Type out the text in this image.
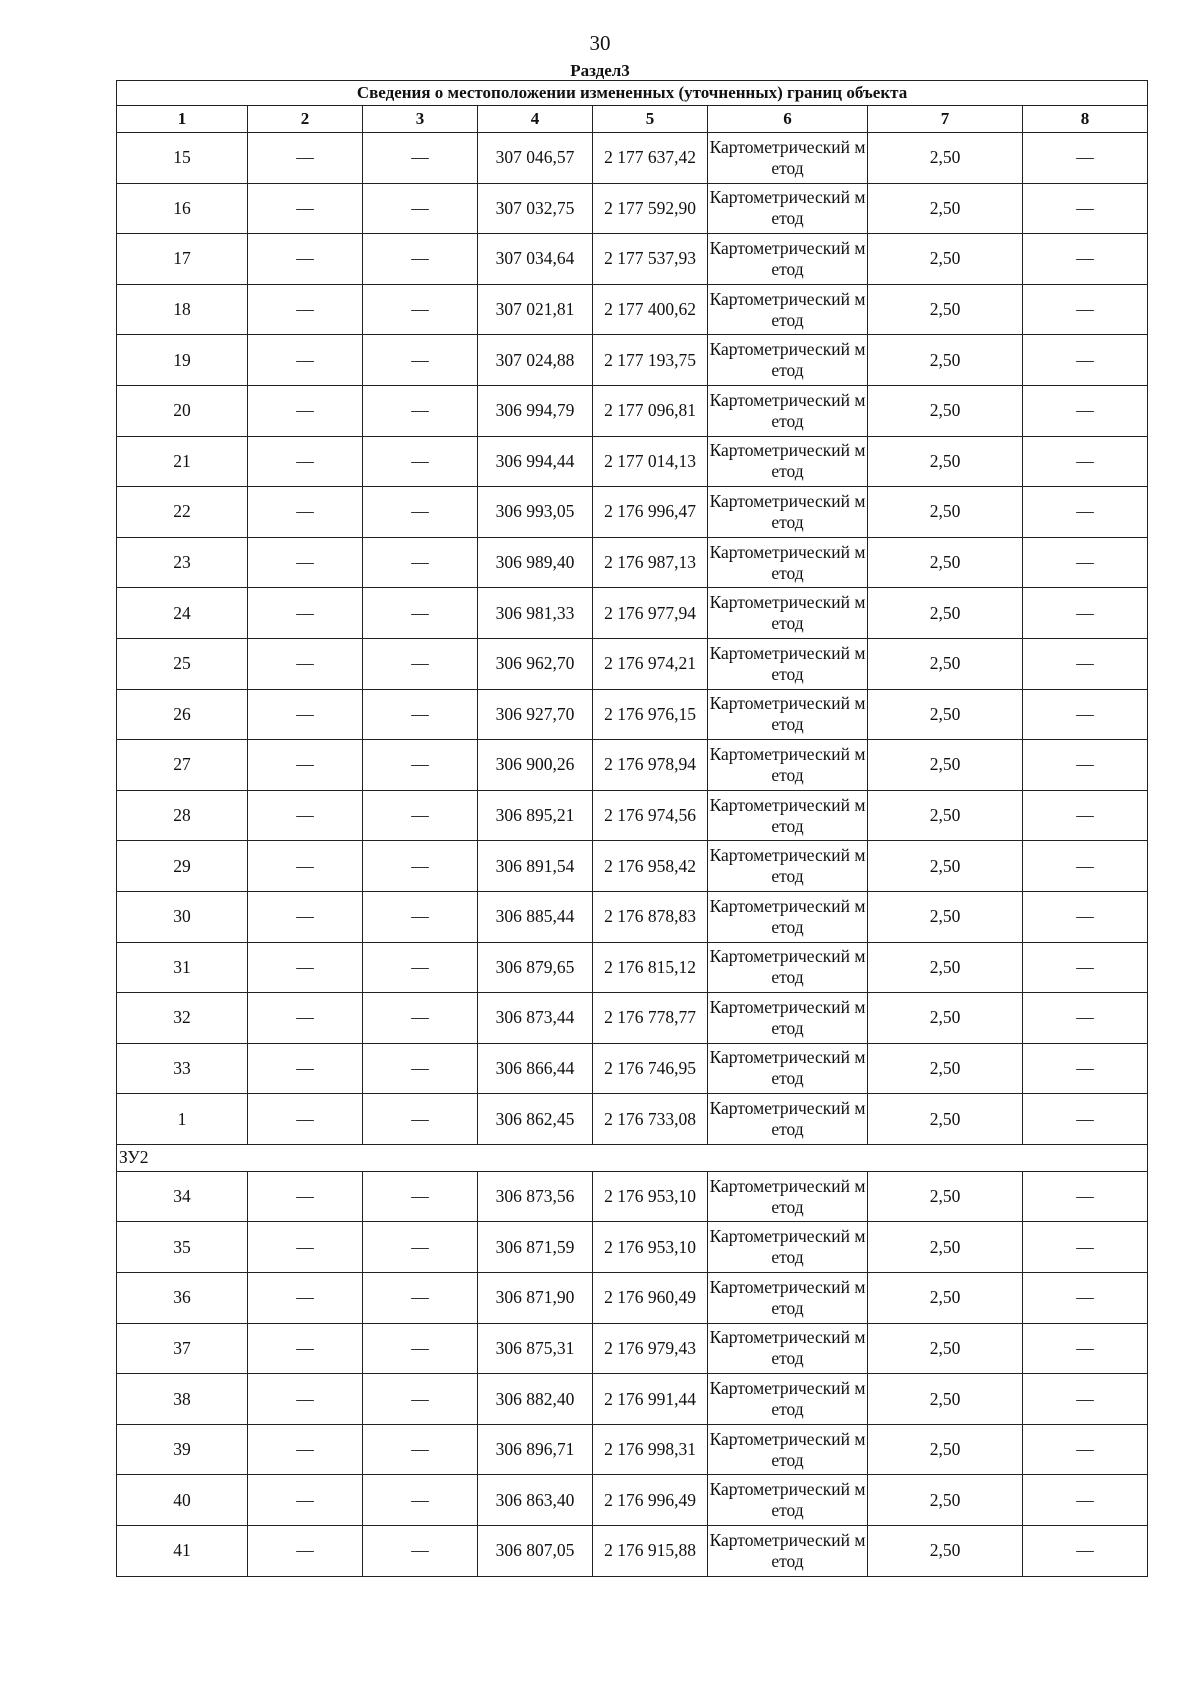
30
Раздел3
Сведения о местоположении измененных (уточненных) границ объекта							
1	2	3	4	5	6	7	8
15	—	—	307 046,57	2 177 637,42	Картометрический метод	2,50	—
16	—	—	307 032,75	2 177 592,90	Картометрический метод	2,50	—
17	—	—	307 034,64	2 177 537,93	Картометрический метод	2,50	—
18	—	—	307 021,81	2 177 400,62	Картометрический метод	2,50	—
19	—	—	307 024,88	2 177 193,75	Картометрический метод	2,50	—
20	—	—	306 994,79	2 177 096,81	Картометрический метод	2,50	—
21	—	—	306 994,44	2 177 014,13	Картометрический метод	2,50	—
22	—	—	306 993,05	2 176 996,47	Картометрический метод	2,50	—
23	—	—	306 989,40	2 176 987,13	Картометрический метод	2,50	—
24	—	—	306 981,33	2 176 977,94	Картометрический метод	2,50	—
25	—	—	306 962,70	2 176 974,21	Картометрический метод	2,50	—
26	—	—	306 927,70	2 176 976,15	Картометрический метод	2,50	—
27	—	—	306 900,26	2 176 978,94	Картометрический метод	2,50	—
28	—	—	306 895,21	2 176 974,56	Картометрический метод	2,50	—
29	—	—	306 891,54	2 176 958,42	Картометрический метод	2,50	—
30	—	—	306 885,44	2 176 878,83	Картометрический метод	2,50	—
31	—	—	306 879,65	2 176 815,12	Картометрический метод	2,50	—
32	—	—	306 873,44	2 176 778,77	Картометрический метод	2,50	—
33	—	—	306 866,44	2 176 746,95	Картометрический метод	2,50	—
1	—	—	306 862,45	2 176 733,08	Картометрический метод	2,50	—
ЗУ2							
34	—	—	306 873,56	2 176 953,10	Картометрический метод	2,50	—
35	—	—	306 871,59	2 176 953,10	Картометрический метод	2,50	—
36	—	—	306 871,90	2 176 960,49	Картометрический метод	2,50	—
37	—	—	306 875,31	2 176 979,43	Картометрический метод	2,50	—
38	—	—	306 882,40	2 176 991,44	Картометрический метод	2,50	—
39	—	—	306 896,71	2 176 998,31	Картометрический метод	2,50	—
40	—	—	306 863,40	2 176 996,49	Картометрический метод	2,50	—
41	—	—	306 807,05	2 176 915,88	Картометрический метод	2,50	—
